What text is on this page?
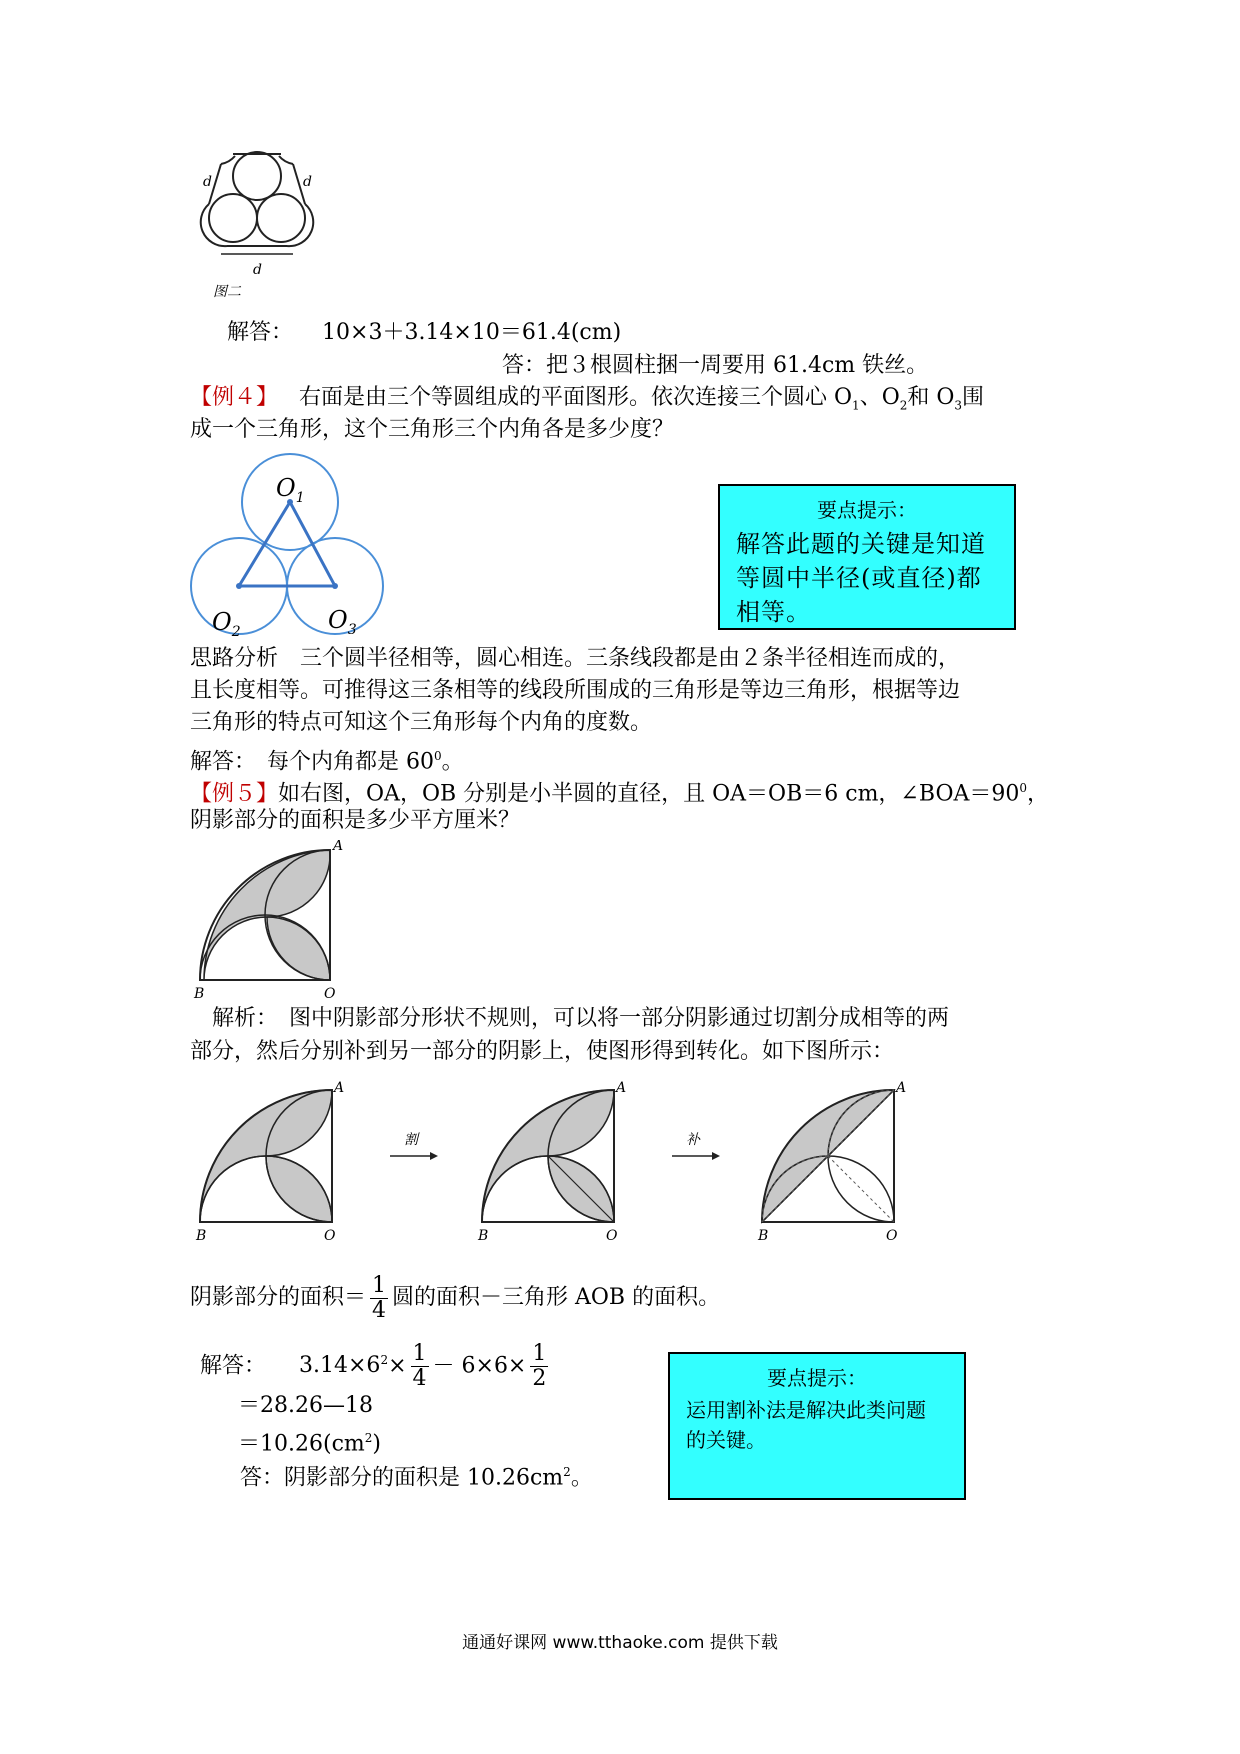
d	d
d
图二
解答： 10×3＋3.14×10＝61.4(cm)
答：把３根圆柱捆一周要用 61.4cm 铁丝。
【例４】 右面是由三个等圆组成的平面图形。依次连接三个圆心 $O_1$、$O_2$和 $O_3$围
成一个三角形，这个三角形三个内角各是多少度？
$O_1$
$O_2$	$O_3$
要点提示：
解答此题的关键是知道
等圆中半径(或直径)都
相等。
思路分析　三个圆半径相等，圆心相连。三条线段都是由２条半径相连而成的，
且长度相等。可推得这三条相等的线段所围成的三角形是等边三角形，根据等边
三角形的特点可知这个三角形每个内角的度数。
解答：　每个内角都是 $60^0$。
【例５】如右图，OA，OB 分别是小半圆的直径，且 OA＝OB＝6 cm，$\angle BOA=90^0$，
阴影部分的面积是多少平方厘米？
A
B	O
解析：　图中阴影部分形状不规则，可以将一部分阴影通过切割分成相等的两
部分，然后分别补到另一部分的阴影上，使图形得到转化。如下图所示：
A
B	O
割
A
B	O
补
A
B	O
阴影部分的面积＝ $\frac{1}{4}$ 圆的面积－三角形 AOB 的面积。
解答： $3.14\times 6^2\times \frac{1}{4} - 6\times 6\times \frac{1}{2}$
＝28.26—18
$=10.26(cm^2)$
答：阴影部分的面积是 $10.26cm^2$。
要点提示：
运用割补法是解决此类问题
的关键。
通通好课网 www.tthaoke.com 提供下载
